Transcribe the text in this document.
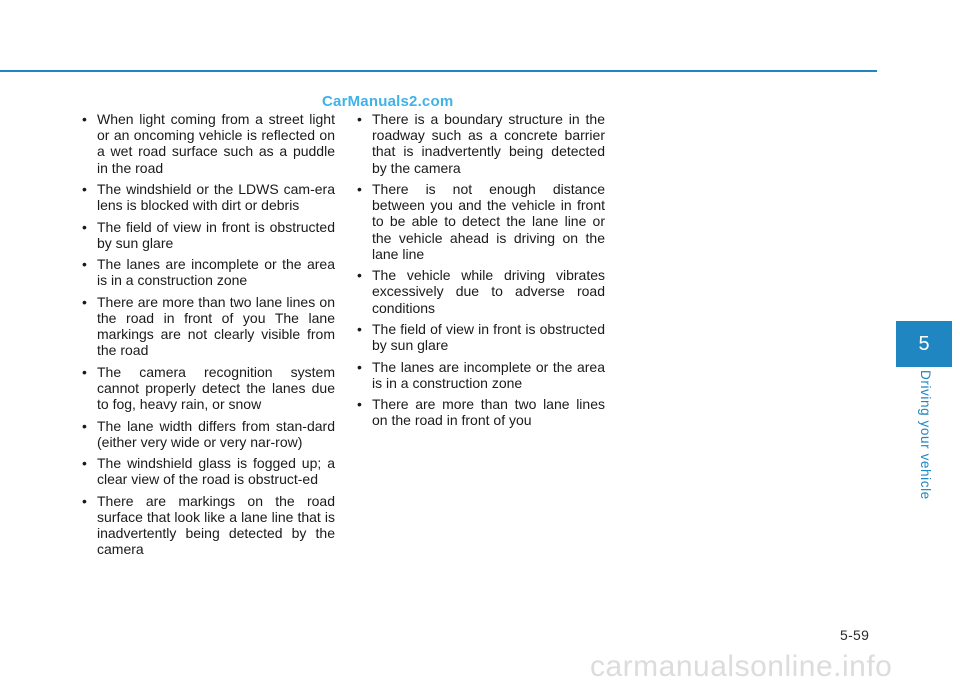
CarManuals2.com
• When light coming from a street light or an oncoming vehicle is reflected on a wet road surface such as a puddle in the road
• The windshield or the LDWS cam-era lens is blocked with dirt or debris
• The field of view in front is obstructed by sun glare
• The lanes are incomplete or the area is in a construction zone
• There are more than two lane lines on the road in front of you The lane markings are not clearly visible from the road
• The camera recognition system cannot properly detect the lanes due to fog, heavy rain, or snow
• The lane width differs from stan-dard (either very wide or very nar-row)
• The windshield glass is fogged up; a clear view of the road is obstruct-ed
• There are markings on the road surface that look like a lane line that is inadvertently being detected by the camera
• There is a boundary structure in the roadway such as a concrete barrier that is inadvertently being detected by the camera
• There is not enough distance between you and the vehicle in front to be able to detect the lane line or the vehicle ahead is driving on the lane line
• The vehicle while driving vibrates excessively due to adverse road conditions
• The field of view in front is obstructed by sun glare
• The lanes are incomplete or the area is in a construction zone
• There are more than two lane lines on the road in front of you
5
Driving your vehicle
5-59
carmanualsonline.info
